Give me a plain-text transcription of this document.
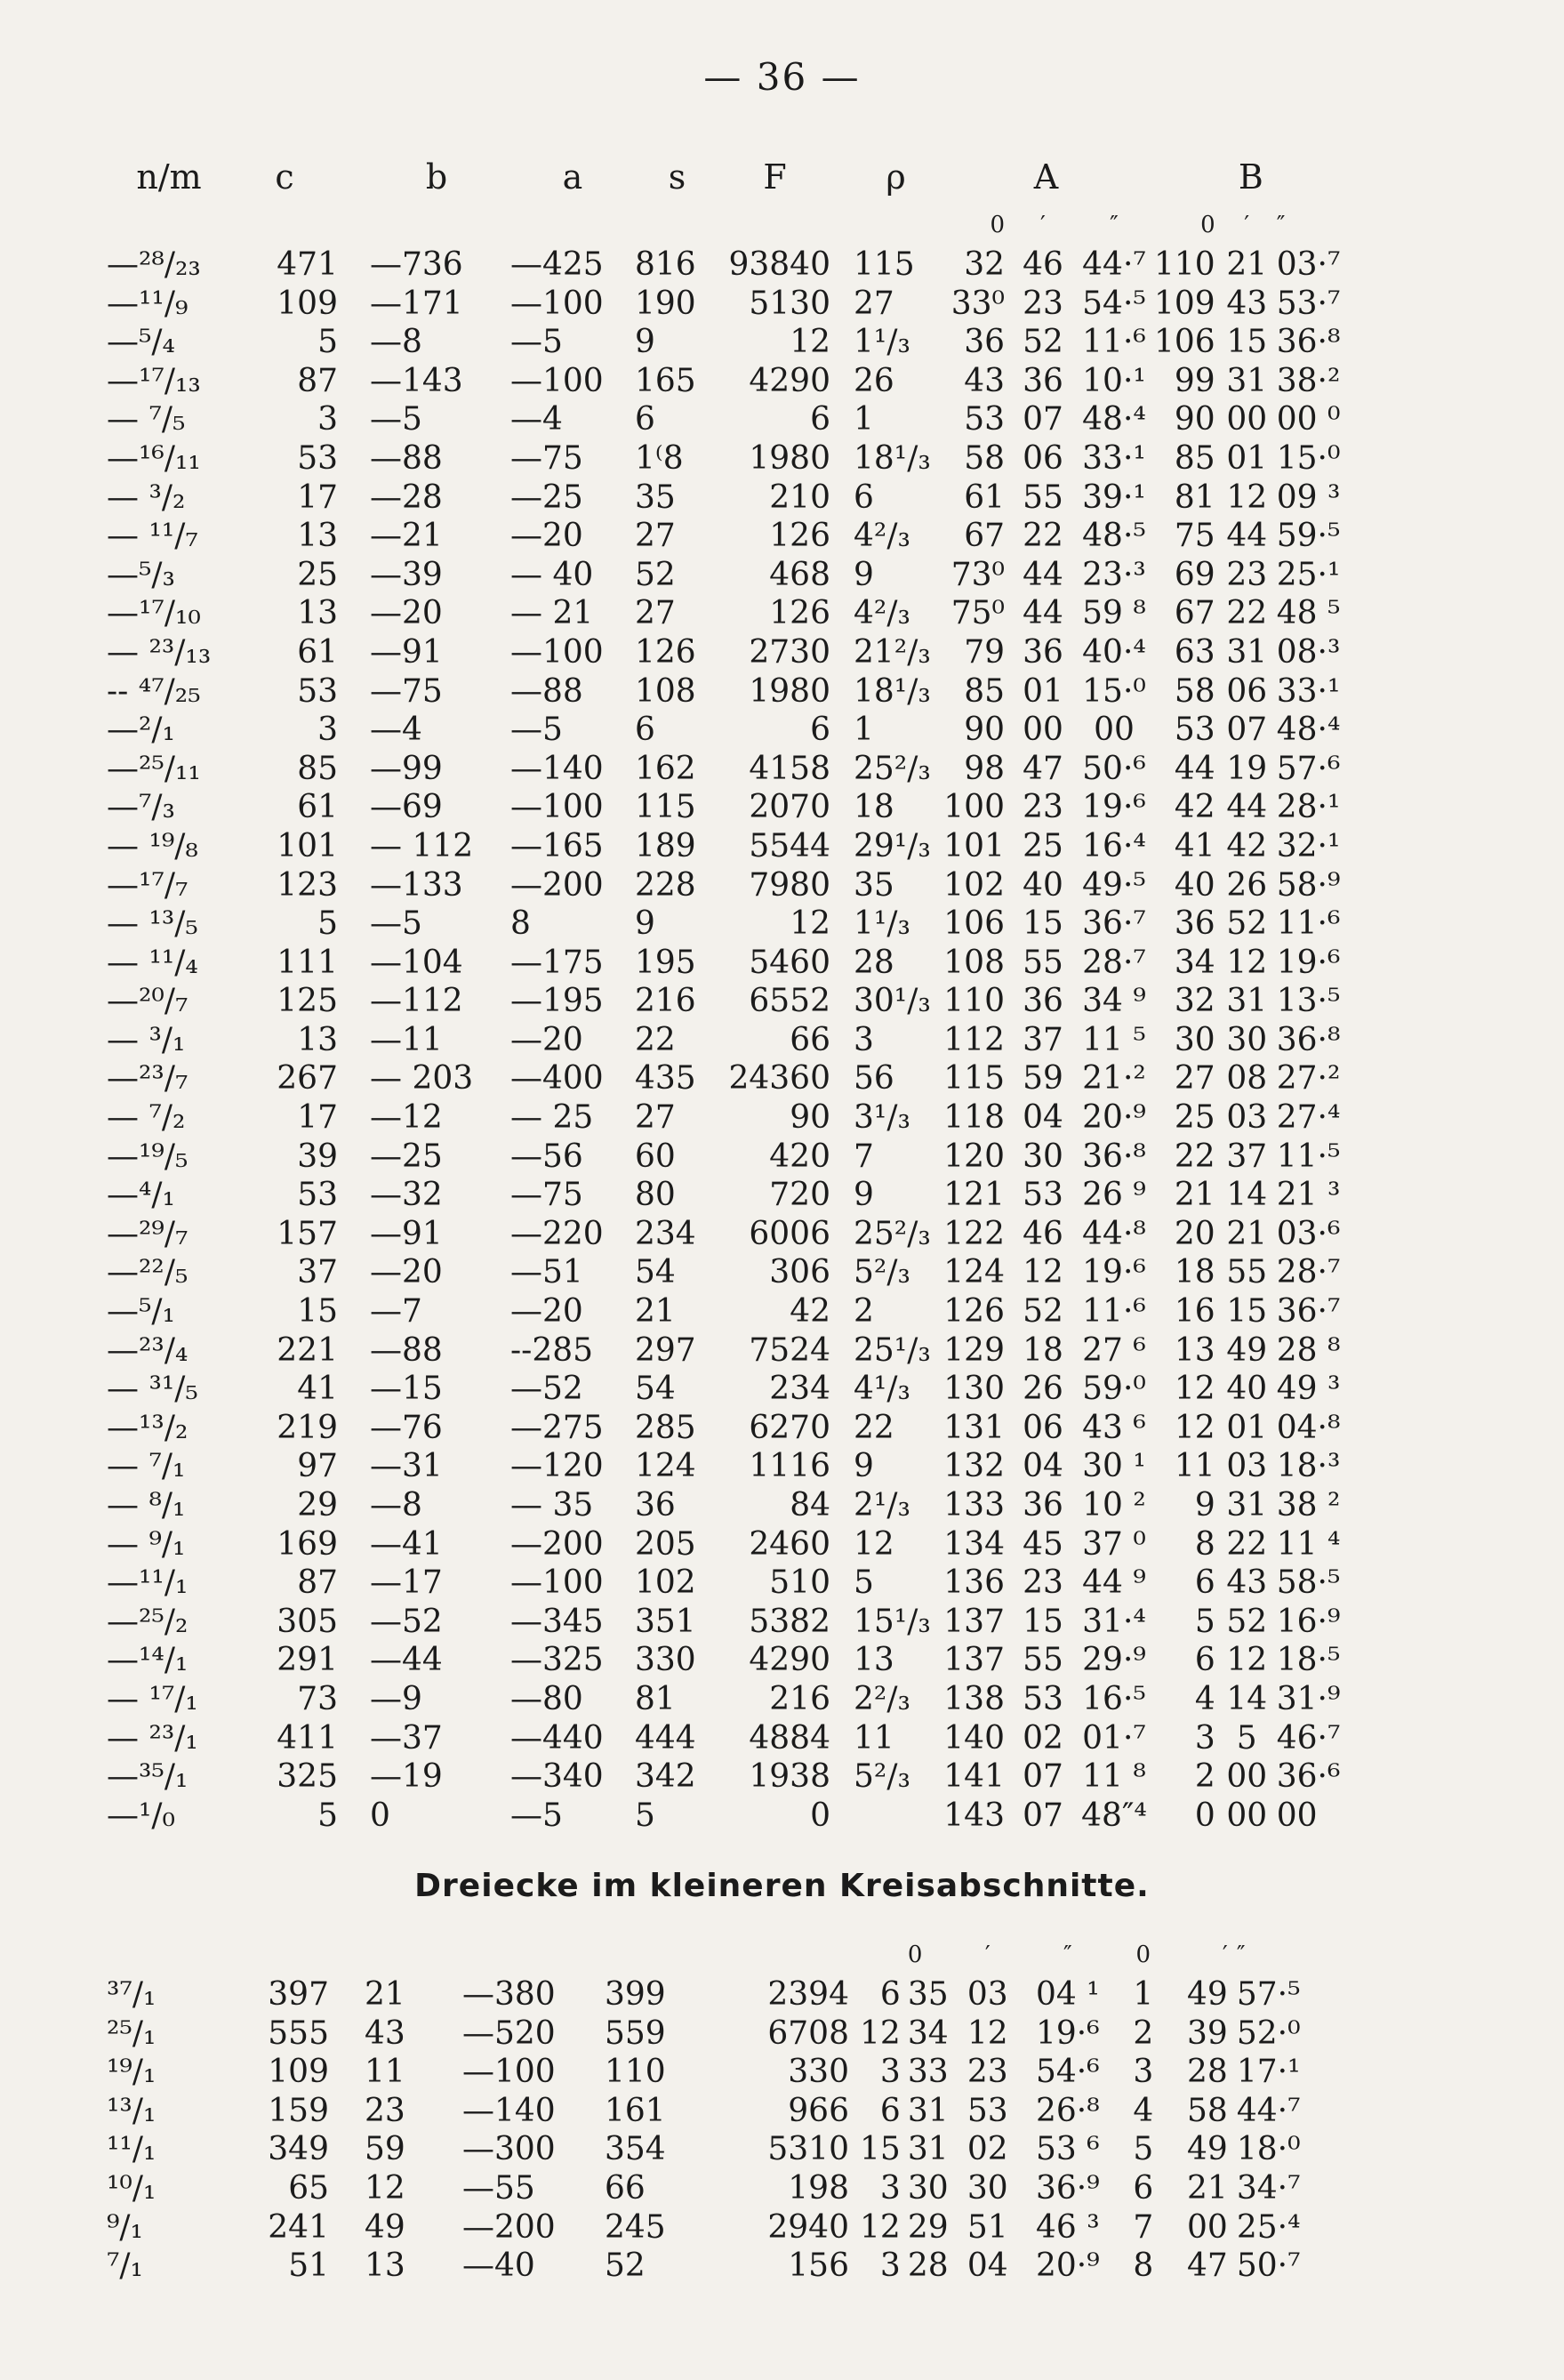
— 36 —
n/m	c	b	a	s	F	ρ	A			B		
							0	′	″	0	′	″
—²⁸/₂₃	471	—736	—425	816	93840	115	32	46	44·⁷	110	21	03·⁷
—¹¹/₉	109	—171	—100	190	5130	27	33⁰	23	54·⁵	109	43	53·⁷
—⁵/₄	5	—8	—5	9	12	1¹/₃	36	52	11·⁶	106	15	36·⁸
—¹⁷/₁₃	87	—143	—100	165	4290	26	43	36	10·¹	99	31	38·²
— ⁷/₅	3	—5	—4	6	6	1	53	07	48·⁴	90	00	00 ⁰
—¹⁶/₁₁	53	—88	—75	1⁽8	1980	18¹/₃	58	06	33·¹	85	01	15·⁰
— ³/₂	17	—28	—25	35	210	6	61	55	39·¹	81	12	09 ³
— ¹¹/₇	13	—21	—20	27	126	4²/₃	67	22	48·⁵	75	44	59·⁵
—⁵/₃	25	—39	— 40	52	468	9	73⁰	44	23·³	69	23	25·¹
—¹⁷/₁₀	13	—20	— 21	27	126	4²/₃	75⁰	44	59 ⁸	67	22	48 ⁵
— ²³/₁₃	61	—91	—100	126	2730	21²/₃	79	36	40·⁴	63	31	08·³
-- ⁴⁷/₂₅	53	—75	—88	108	1980	18¹/₃	85	01	15·⁰	58	06	33·¹
—²/₁	3	—4	—5	6	6	1	90	00	00	53	07	48·⁴
—²⁵/₁₁	85	—99	—140	162	4158	25²/₃	98	47	50·⁶	44	19	57·⁶
—⁷/₃	61	—69	—100	115	2070	18	100	23	19·⁶	42	44	28·¹
— ¹⁹/₈	101	— 112	—165	189	5544	29¹/₃	101	25	16·⁴	41	42	32·¹
—¹⁷/₇	123	—133	—200	228	7980	35	102	40	49·⁵	40	26	58·⁹
— ¹³/₅	5	—5	8	9	12	1¹/₃	106	15	36·⁷	36	52	11·⁶
— ¹¹/₄	111	—104	—175	195	5460	28	108	55	28·⁷	34	12	19·⁶
—²⁰/₇	125	—112	—195	216	6552	30¹/₃	110	36	34 ⁹	32	31	13·⁵
— ³/₁	13	—11	—20	22	66	3	112	37	11 ⁵	30	30	36·⁸
—²³/₇	267	— 203	—400	435	24360	56	115	59	21·²	27	08	27·²
— ⁷/₂	17	—12	— 25	27	90	3¹/₃	118	04	20·⁹	25	03	27·⁴
—¹⁹/₅	39	—25	—56	60	420	7	120	30	36·⁸	22	37	11·⁵
—⁴/₁	53	—32	—75	80	720	9	121	53	26 ⁹	21	14	21 ³
—²⁹/₇	157	—91	—220	234	6006	25²/₃	122	46	44·⁸	20	21	03·⁶
—²²/₅	37	—20	—51	54	306	5²/₃	124	12	19·⁶	18	55	28·⁷
—⁵/₁	15	—7	—20	21	42	2	126	52	11·⁶	16	15	36·⁷
—²³/₄	221	—88	--285	297	7524	25¹/₃	129	18	27 ⁶	13	49	28 ⁸
— ³¹/₅	41	—15	—52	54	234	4¹/₃	130	26	59·⁰	12	40	49 ³
—¹³/₂	219	—76	—275	285	6270	22	131	06	43 ⁶	12	01	04·⁸
— ⁷/₁	97	—31	—120	124	1116	9	132	04	30 ¹	11	03	18·³
— ⁸/₁	29	—8	— 35	36	84	2¹/₃	133	36	10 ²	9	31	38 ²
— ⁹/₁	169	—41	—200	205	2460	12	134	45	37 ⁰	8	22	11 ⁴
—¹¹/₁	87	—17	—100	102	510	5	136	23	44 ⁹	6	43	58·⁵
—²⁵/₂	305	—52	—345	351	5382	15¹/₃	137	15	31·⁴	5	52	16·⁹
—¹⁴/₁	291	—44	—325	330	4290	13	137	55	29·⁹	6	12	18·⁵
— ¹⁷/₁	73	—9	—80	81	216	2²/₃	138	53	16·⁵	4	14	31·⁹
— ²³/₁	411	—37	—440	444	4884	11	140	02	01·⁷	3	5	46·⁷
—³⁵/₁	325	—19	—340	342	1938	5²/₃	141	07	11 ⁸	2	00	36·⁶
—¹/₀	5	0	—5	5	0		143	07	48″⁴	0	00	00
Dreiecke im kleineren Kreisabschnitte.
							0	′	″	0	′	″
³⁷/₁	397	21	—380	399	2394	6	35	03	04 ¹	1	49	57·⁵
²⁵/₁	555	43	—520	559	6708	12	34	12	19·⁶	2	39	52·⁰
¹⁹/₁	109	11	—100	110	330	3	33	23	54·⁶	3	28	17·¹
¹³/₁	159	23	—140	161	966	6	31	53	26·⁸	4	58	44·⁷
¹¹/₁	349	59	—300	354	5310	15	31	02	53 ⁶	5	49	18·⁰
¹⁰/₁	65	12	—55	66	198	3	30	30	36·⁹	6	21	34·⁷
⁹/₁	241	49	—200	245	2940	12	29	51	46 ³	7	00	25·⁴
⁷/₁	51	13	—40	52	156	3	28	04	20·⁹	8	47	50·⁷
